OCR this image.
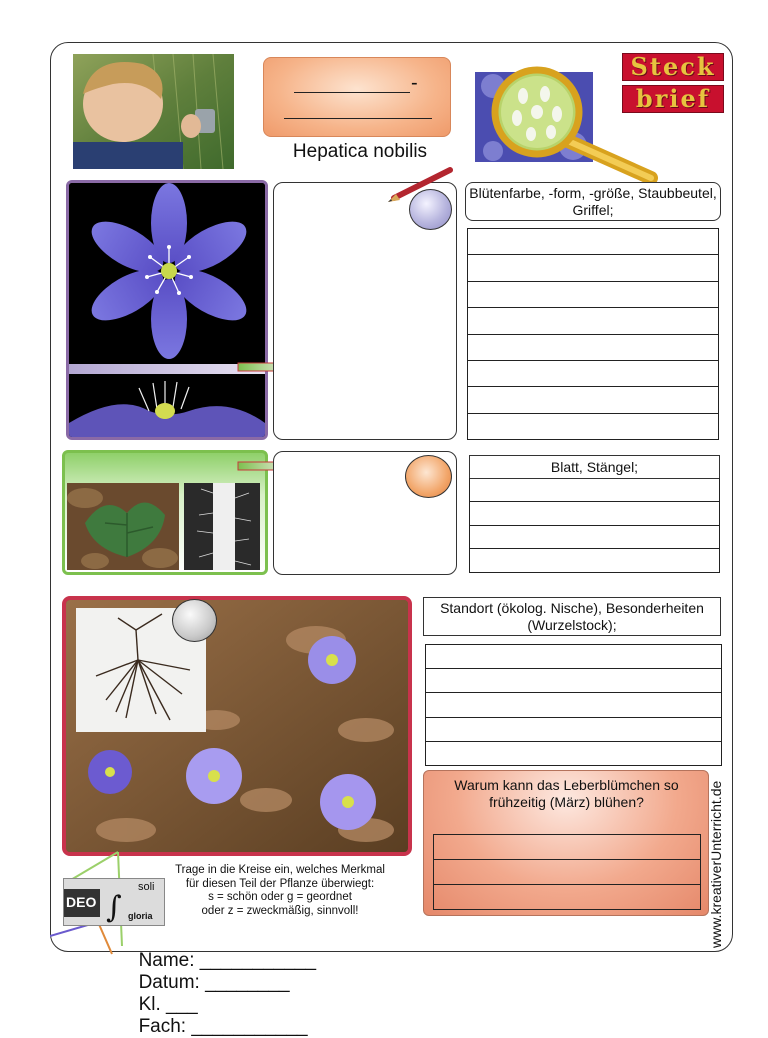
-
Hepatica nobilis
Steck
brief
Blütenfarbe, -form, -größe, Staubbeutel, Griffel;
Blatt, Stängel;
Standort (ökolog. Nische), Besonderheiten (Wurzelstock);
Warum kann das Leberblümchen so frühzeitig (März) blühen?
Trage in die Kreise ein, welches Merkmal
für diesen Teil der Pflanze überwiegt:
s = schön oder g = geordnet
oder z = zweckmäßig, sinnvoll!
DEO
soli
gloria
∫

Name: ___________
Datum: ________
Kl. ___
Fach: ___________

www.kreativerUnterricht.de
